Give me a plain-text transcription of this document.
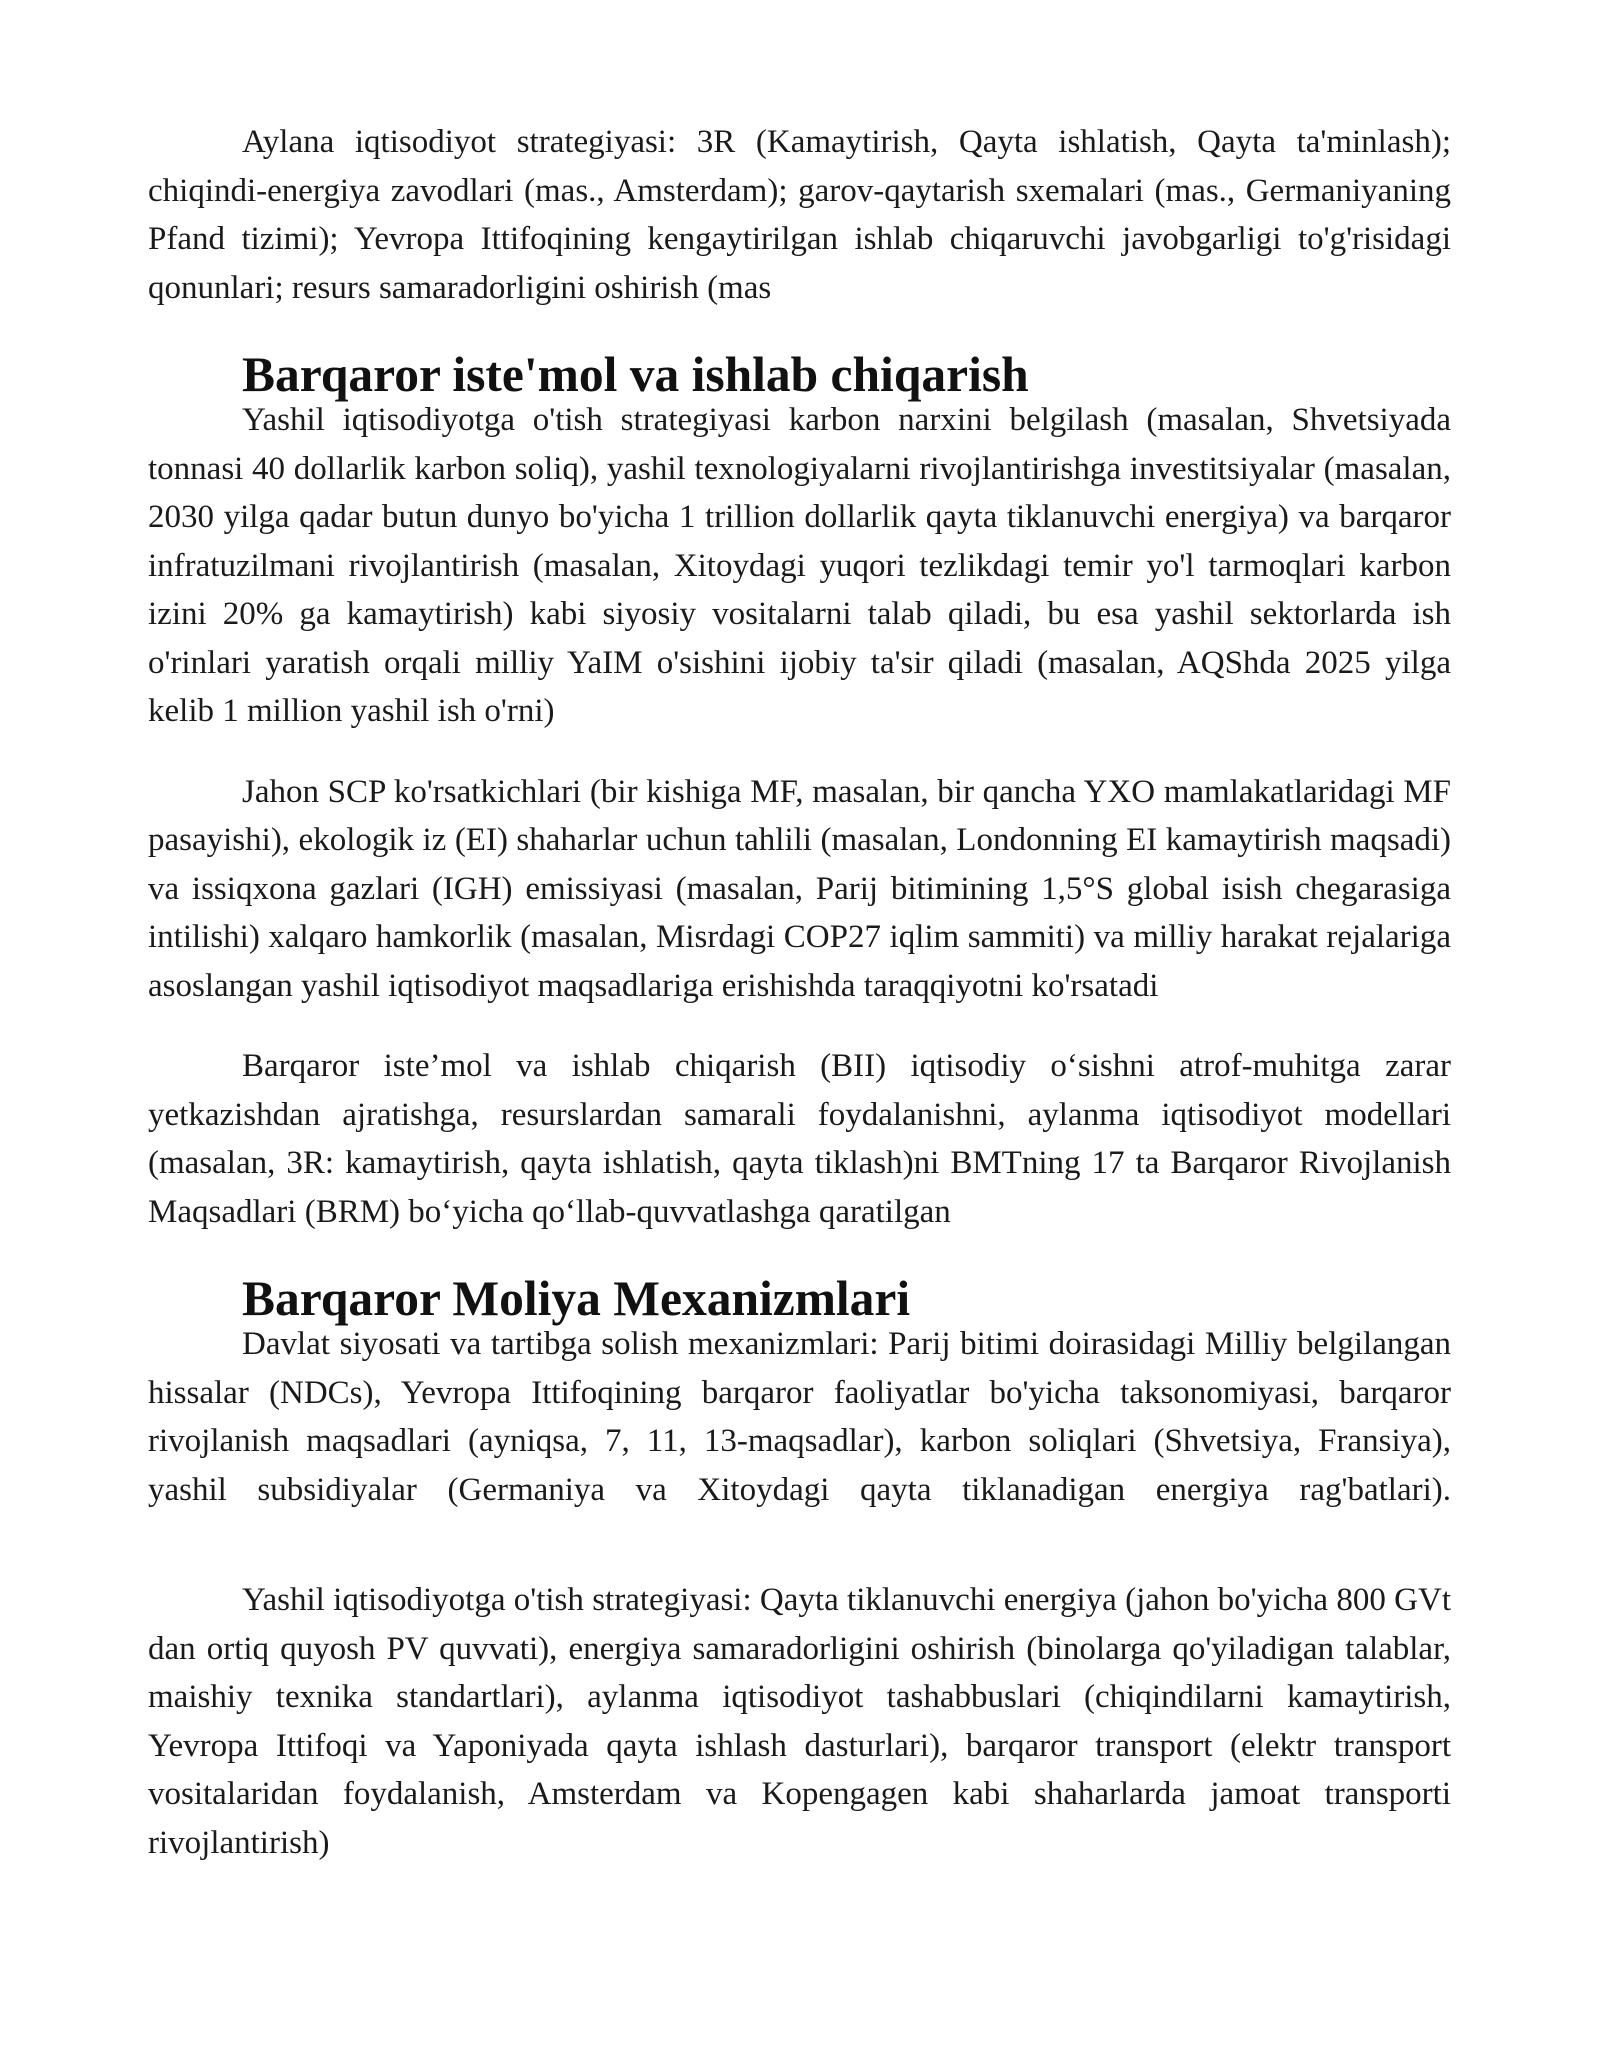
Aylana iqtisodiyot strategiyasi: 3R (Kamaytirish, Qayta ishlatish, Qayta ta'minlash); chiqindi-energiya zavodlari (mas., Amsterdam); garov-qaytarish sxemalari (mas., Germaniyaning Pfand tizimi); Yevropa Ittifoqining kengaytirilgan ishlab chiqaruvchi javobgarligi to'g'risidagi qonunlari; resurs samaradorligini oshirish (mas

Barqaror iste'mol va ishlab chiqarish

Yashil iqtisodiyotga o'tish strategiyasi karbon narxini belgilash (masalan, Shvetsiyada tonnasi 40 dollarlik karbon soliq), yashil texnologiyalarni rivojlantirishga investitsiyalar (masalan, 2030 yilga qadar butun dunyo bo'yicha 1 trillion dollarlik qayta tiklanuvchi energiya) va barqaror infratuzilmani rivojlantirish (masalan, Xitoydagi yuqori tezlikdagi temir yo'l tarmoqlari karbon izini 20% ga kamaytirish) kabi siyosiy vositalarni talab qiladi, bu esa yashil sektorlarda ish o'rinlari yaratish orqali milliy YaIM o'sishini ijobiy ta'sir qiladi (masalan, AQShda 2025 yilga kelib 1 million yashil ish o'rni)

Jahon SCP ko'rsatkichlari (bir kishiga MF, masalan, bir qancha YXO mamlakatlaridagi MF pasayishi), ekologik iz (EI) shaharlar uchun tahlili (masalan, Londonning EI kamaytirish maqsadi) va issiqxona gazlari (IGH) emissiyasi (masalan, Parij bitimining 1,5°S global isish chegarasiga intilishi) xalqaro hamkorlik (masalan, Misrdagi COP27 iqlim sammiti) va milliy harakat rejalariga asoslangan yashil iqtisodiyot maqsadlariga erishishda taraqqiyotni ko'rsatadi

Barqaror iste’mol va ishlab chiqarish (BII) iqtisodiy o‘sishni atrof-muhitga zarar yetkazishdan ajratishga, resurslardan samarali foydalanishni, aylanma iqtisodiyot modellari (masalan, 3R: kamaytirish, qayta ishlatish, qayta tiklash)ni BMTning 17 ta Barqaror Rivojlanish Maqsadlari (BRM) bo‘yicha qo‘llab-quvvatlashga qaratilgan

Barqaror Moliya Mexanizmlari

Davlat siyosati va tartibga solish mexanizmlari: Parij bitimi doirasidagi Milliy belgilangan hissalar (NDCs), Yevropa Ittifoqining barqaror faoliyatlar bo'yicha taksonomiyasi, barqaror rivojlanish maqsadlari (ayniqsa, 7, 11, 13-maqsadlar), karbon soliqlari (Shvetsiya, Fransiya), yashil subsidiyalar (Germaniya va Xitoydagi qayta tiklanadigan energiya rag'batlari).

Yashil iqtisodiyotga o'tish strategiyasi: Qayta tiklanuvchi energiya (jahon bo'yicha 800 GVt dan ortiq quyosh PV quvvati), energiya samaradorligini oshirish (binolarga qo'yiladigan talablar, maishiy texnika standartlari), aylanma iqtisodiyot tashabbuslari (chiqindilarni kamaytirish, Yevropa Ittifoqi va Yaponiyada qayta ishlash dasturlari), barqaror transport (elektr transport vositalaridan foydalanish, Amsterdam va Kopengagen kabi shaharlarda jamoat transporti rivojlantirish)
